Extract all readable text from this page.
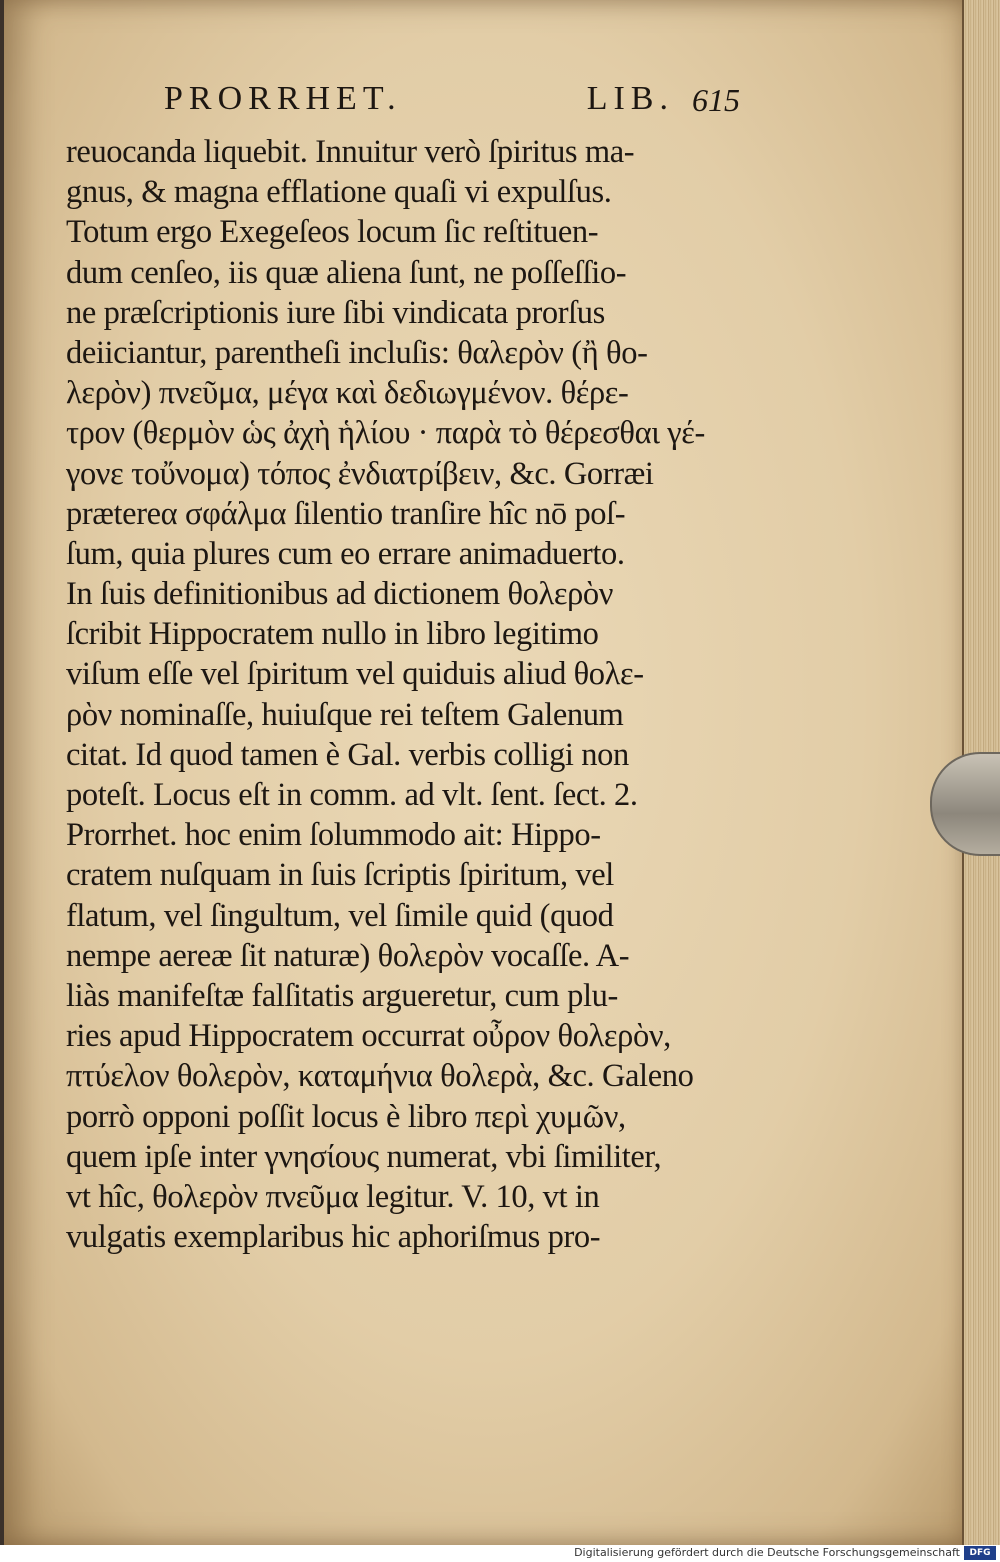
PRORRHET.	LIB. 615
reuocanda liquebit. Innuitur verò ſpiritus ma-
gnus, & magna efflatione quaſi vi expulſus.
Totum ergo Exegeſeos locum ſic reſtituen-
dum cenſeo, iis quæ aliena ſunt, ne poſſeſſio-
ne præſcriptionis iure ſibi vindicata prorſus
deiiciantur, parentheſi incluſis: θαλερὸν (ἢ θο-
λερὸν) πνεῦμα, μέγα καὶ δεδιωγμένον. θέρε-
τρον (θερμὸν ὡς ἀχὴ ἡλίου · παρὰ τὸ θέρεσθαι γέ-
γονε τοὔνομα) τόπος ἐνδιατρίβειν, &c. Gorræi
prætereα σφάλμα ſilentio tranſire hîc nō poſ-
ſum, quia plures cum eo errare animaduerto.
In ſuis definitionibus ad dictionem θολερὸν
ſcribit Hippocratem nullo in libro legitimo
viſum eſſe vel ſpiritum vel quiduis aliud θολε-
ρὸν nominaſſe, huiuſque rei teſtem Galenum
citat. Id quod tamen è Gal. verbis colligi non
poteſt. Locus eſt in comm. ad vlt. ſent. ſect. 2.
Prorrhet. hoc enim ſolummodo ait: Hippo-
cratem nuſquam in ſuis ſcriptis ſpiritum, vel
flatum, vel ſingultum, vel ſimile quid (quod
nempe aereæ ſit naturæ) θολερὸν vocaſſe. A-
liàs manifeſtæ falſitatis argueretur, cum plu-
ries apud Hippocratem occurrat οὖρον θολερὸν,
πτύελον θολερὸν, καταμήνια θολερὰ, &c. Galeno
porrò opponi poſſit locus è libro περὶ χυμῶν,
quem ipſe inter γνησίους numerat, vbi ſimiliter,
vt hîc, θολερὸν πνεῦμα legitur. V. 10, vt in
vulgatis exemplaribus hic aphoriſmus pro-
Digitalisierung gefördert durch die Deutsche Forschungsgemeinschaft	DFG
